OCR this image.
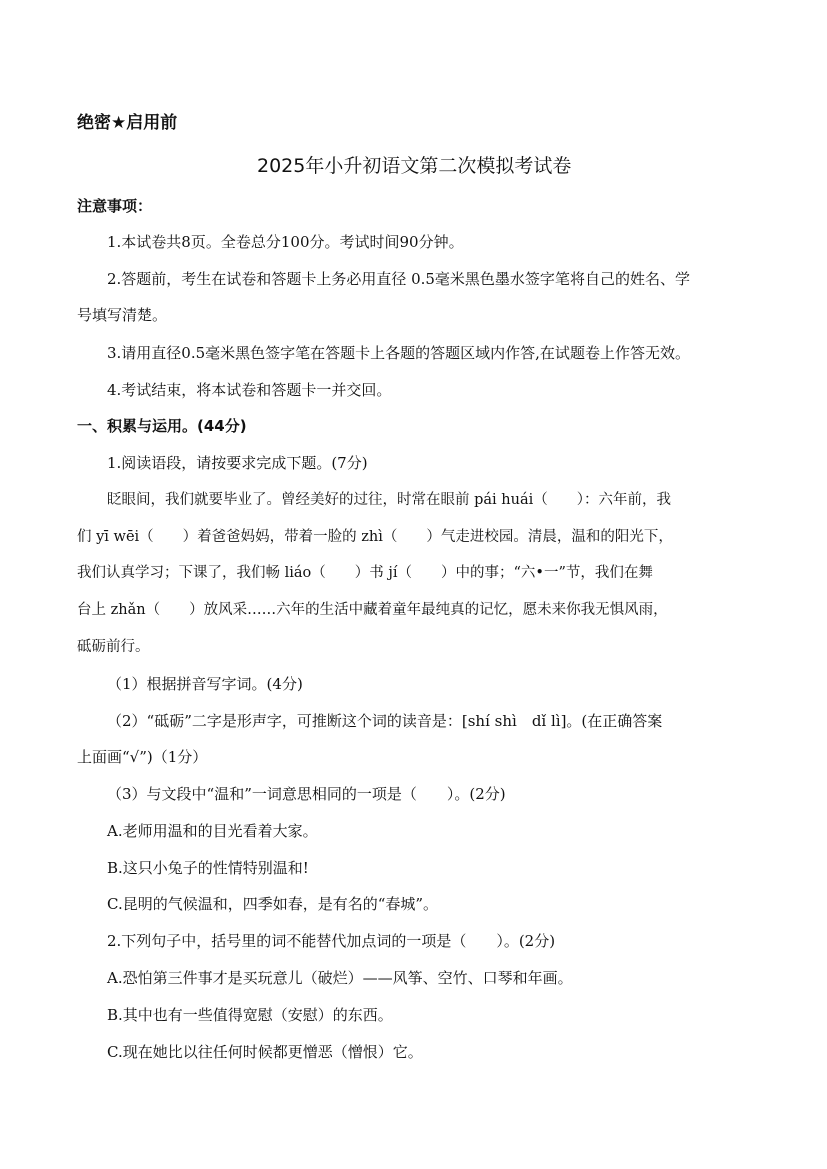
绝密★启用前
2025年小升初语文第二次模拟考试卷
注意事项：
1.本试卷共8页。全卷总分100分。考试时间90分钟。
2.答题前，考生在试卷和答题卡上务必用直径 0.5毫米黑色墨水签字笔将自己的姓名、学
号填写清楚。
3.请用直径0.5毫米黑色签字笔在答题卡上各题的答题区域内作答,在试题卷上作答无效。
4.考试结束，将本试卷和答题卡一并交回。
一、积累与运用。(44分)
1.阅读语段，请按要求完成下题。(7分)
眨眼间，我们就要毕业了。曾经美好的过往，时常在眼前 pái huái（　　）：六年前，我
们 yī wēi（　　）着爸爸妈妈，带着一脸的 zhì（　　）气走进校园。清晨，温和的阳光下，
我们认真学习；下课了，我们畅 liáo（　　）书 jí（　　）中的事；“六•一”节，我们在舞
台上 zhǎn（　　）放风采……六年的生活中藏着童年最纯真的记忆，愿未来你我无惧风雨，
砥砺前行。
（1）根据拼音写字词。(4分)
（2）“砥砺”二字是形声字，可推断这个词的读音是：[shí shì　dǐ lì]。(在正确答案
上面画“√”)（1分）
（3）与文段中“温和”一词意思相同的一项是（　　）。(2分)
A.老师用温和的目光看着大家。
B.这只小兔子的性情特别温和!
C.昆明的气候温和，四季如春，是有名的“春城”。
2.下列句子中，括号里的词不能替代加点词的一项是（　　）。(2分)
A.恐怕第三件事才是买玩意儿（破烂）——风筝、空竹、口琴和年画。
B.其中也有一些值得宽慰（安慰）的东西。
C.现在她比以往任何时候都更憎恶（憎恨）它。
